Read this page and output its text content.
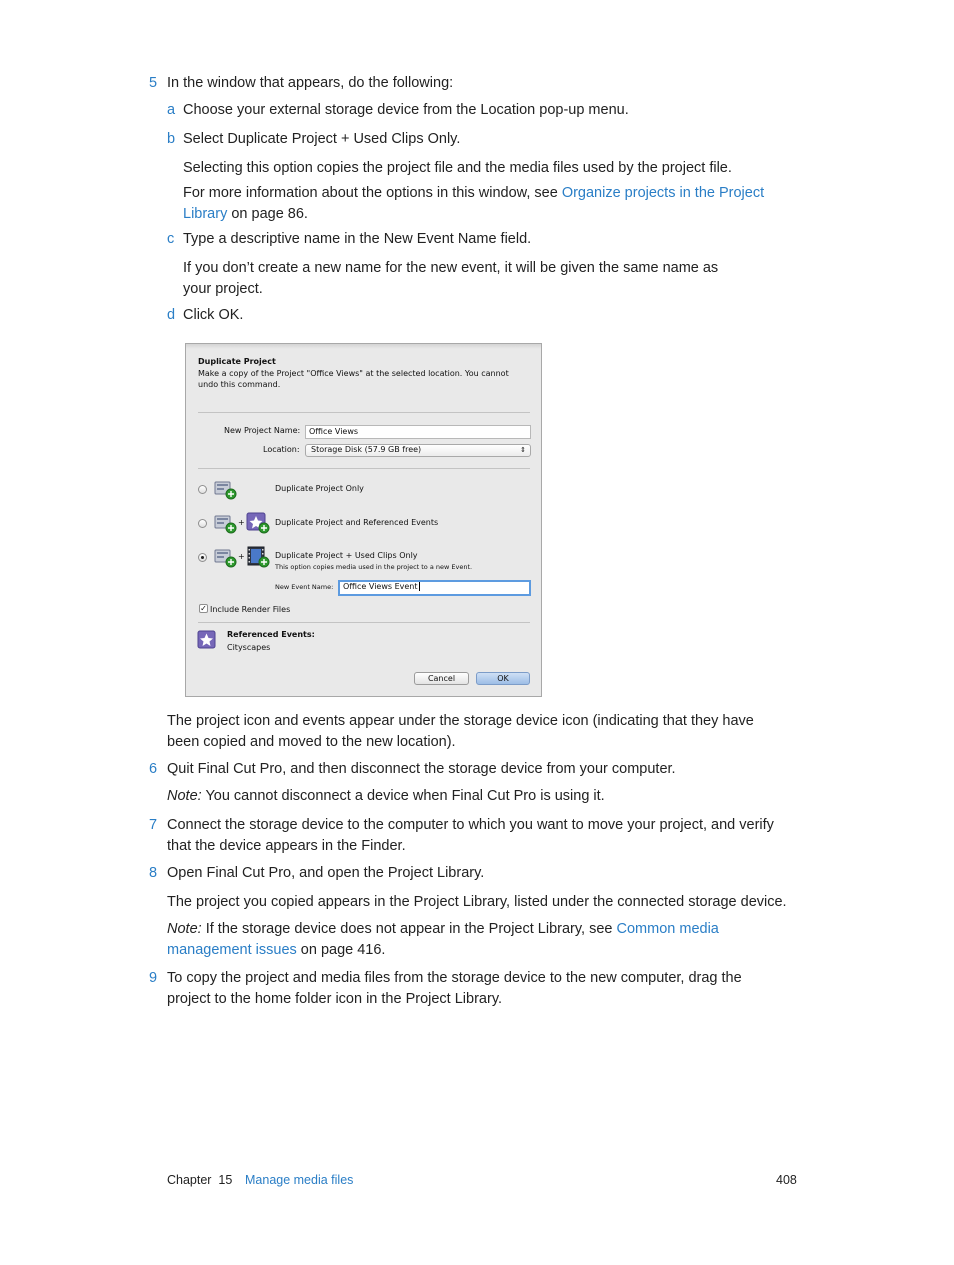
5 In the window that appears, do the following:
a Choose your external storage device from the Location pop-up menu.
b Select Duplicate Project + Used Clips Only.
Selecting this option copies the project file and the media files used by the project file.
For more information about the options in this window, see Organize projects in the Project
Library on page 86.
c Type a descriptive name in the New Event Name field.
If you don’t create a new name for the new event, it will be given the same name as
your project.
d Click OK.
Duplicate Project
Make a copy of the Project "Office Views" at the selected location. You cannot
undo this command.
New Project Name:	Office Views
Location:	Storage Disk (57.9 GB free)	⇕
Duplicate Project Only
+	Duplicate Project and Referenced Events
+	Duplicate Project + Used Clips Only
This option copies media used in the project to a new Event.
New Event Name:	Office Views Event
✓ Include Render Files
Referenced Events:
Cityscapes
Cancel	OK
The project icon and events appear under the storage device icon (indicating that they have
been copied and moved to the new location).
6 Quit Final Cut Pro, and then disconnect the storage device from your computer.
Note: You cannot disconnect a device when Final Cut Pro is using it.
7 Connect the storage device to the computer to which you want to move your project, and verify
that the device appears in the Finder.
8 Open Final Cut Pro, and open the Project Library.
The project you copied appears in the Project Library, listed under the connected storage device.
Note: If the storage device does not appear in the Project Library, see Common media
management issues on page 416.
9 To copy the project and media files from the storage device to the new computer, drag the
project to the home folder icon in the Project Library.
Chapter  15 Manage media files	408
